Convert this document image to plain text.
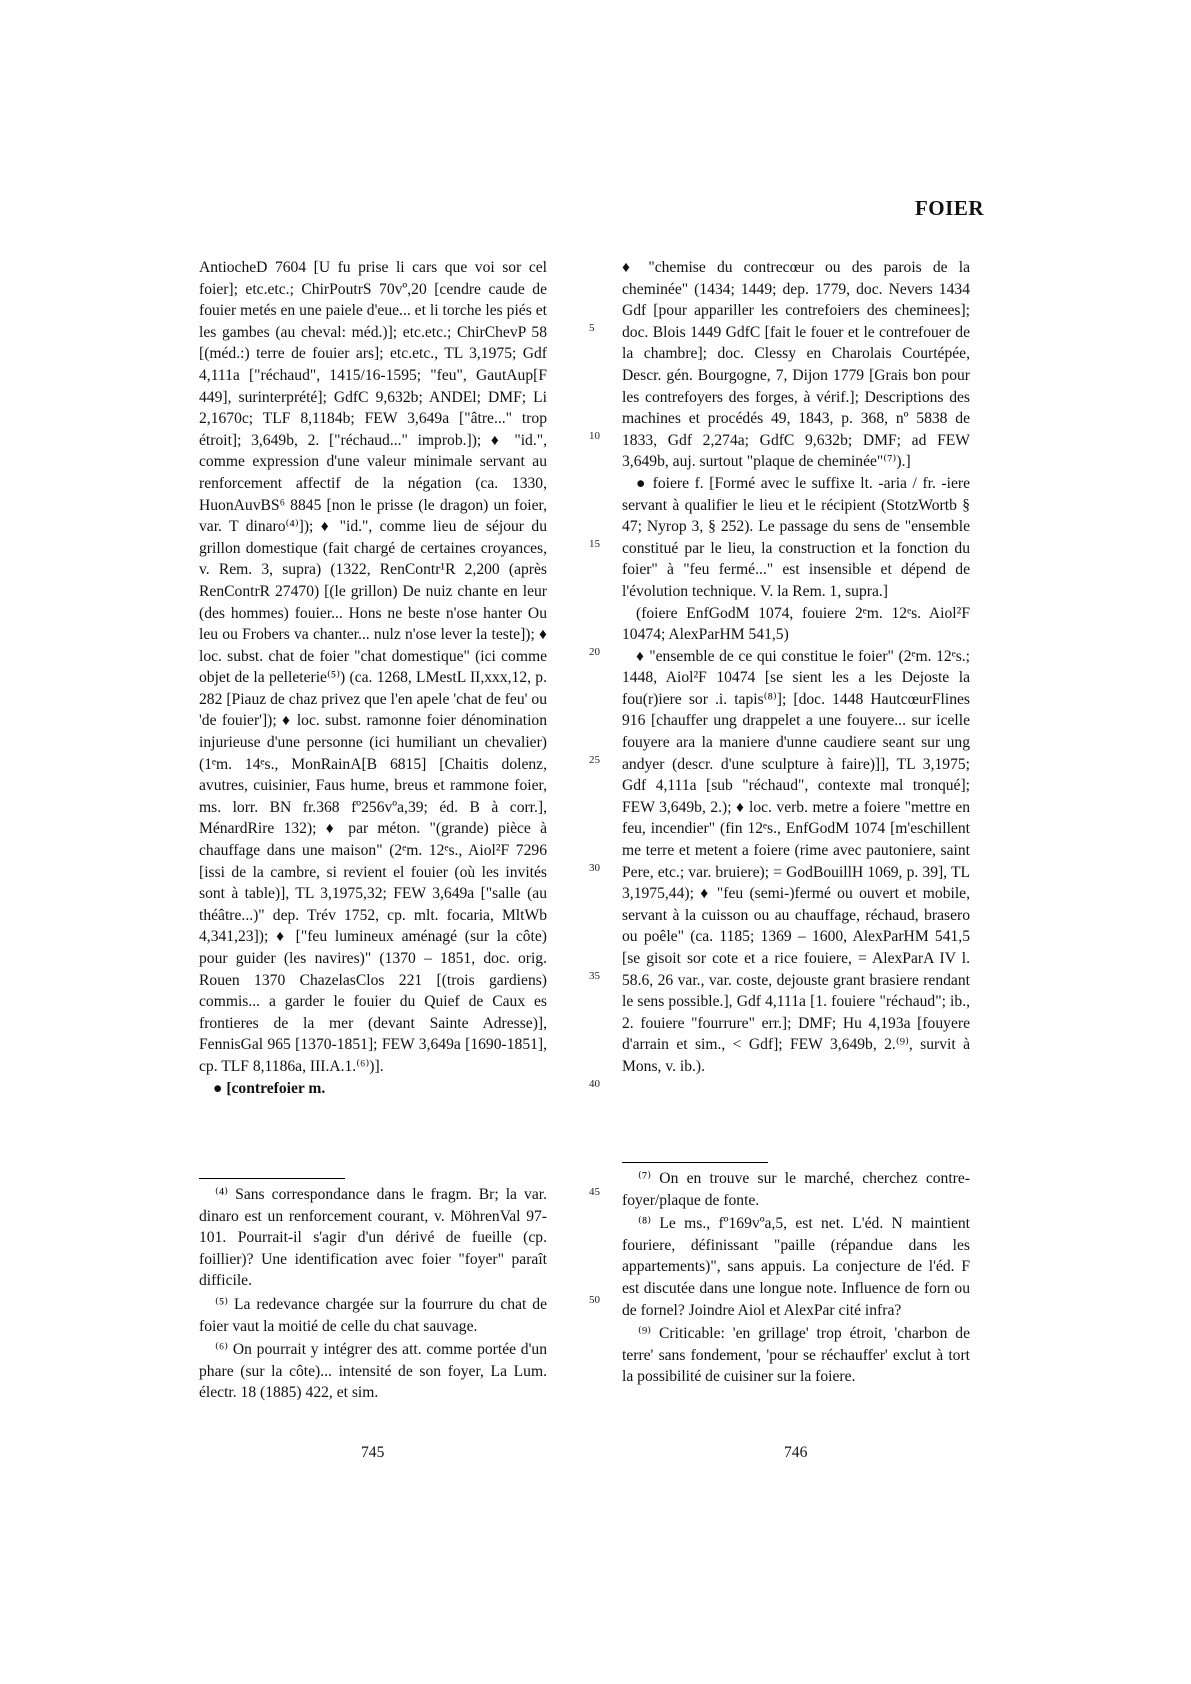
FOIER

AntiocheD 7604 [U fu prise li cars que voi sor cel foier]; etc.etc.; ChirPoutrS 70vº,20 [cendre caude de fouier metés en une paiele d'eue... et li torche les piés et les gambes (au cheval: méd.)]; etc.etc.; ChirChevP 58 [(méd.:) terre de fouier ars]; etc.etc., TL 3,1975; Gdf 4,111a ["réchaud", 1415/16-1595; "feu", GautAup[F 449], surinterprété]; GdfC 9,632b; ANDEl; DMF; Li 2,1670c; TLF 8,1184b; FEW 3,649a ["âtre..." trop étroit]; 3,649b, 2. ["réchaud..." improb.]); ♦ "id.", comme expression d'une valeur minimale servant au renforcement affectif de la négation (ca. 1330, HuonAuvBS⁶ 8845 [non le prisse (le dragon) un foier, var. T dinaro⁽⁴⁾]); ♦ "id.", comme lieu de séjour du grillon domestique (fait chargé de certaines croyances, v. Rem. 3, supra) (1322, RenContr¹R 2,200 (après RenContrR 27470) [(le grillon) De nuiz chante en leur (des hommes) fouier... Hons ne beste n'ose hanter Ou leu ou Frobers va chanter... nulz n'ose lever la teste]); ♦ loc. subst. chat de foier "chat domestique" (ici comme objet de la pelleterie⁽⁵⁾) (ca. 1268, LMestL II,xxx,12, p. 282 [Piauz de chaz privez que l'en apele 'chat de feu' ou 'de fouier']); ♦ loc. subst. ramonne foier dénomination injurieuse d'une personne (ici humiliant un chevalier) (1ᵉm. 14ᵉs., MonRainA[B 6815] [Chaitis dolenz, avutres, cuisinier, Faus hume, breus et rammone foier, ms. lorr. BN fr.368 fº256vºa,39; éd. B à corr.], MénardRire 132); ♦ par méton. "(grande) pièce à chauffage dans une maison" (2ᵉm. 12ᵉs., Aiol²F 7296 [issi de la cambre, si revient el fouier (où les invités sont à table)], TL 3,1975,32; FEW 3,649a ["salle (au théâtre...)" dep. Trév 1752, cp. mlt. focaria, MltWb 4,341,23]); ♦ ["feu lumineux aménagé (sur la côte) pour guider (les navires)" (1370 – 1851, doc. orig. Rouen 1370 ChazelasClos 221 [(trois gardiens) commis... a garder le fouier du Quief de Caux es frontieres de la mer (devant Sainte Adresse)], FennisGal 965 [1370-1851]; FEW 3,649a [1690-1851], cp. TLF 8,1186a, III.A.1.⁽⁶⁾)].

● [contrefoier m.

♦ "chemise du contrecœur ou des parois de la cheminée" (1434; 1449; dep. 1779, doc. Nevers 1434 Gdf [pour appariller les contrefoiers des cheminees]; doc. Blois 1449 GdfC [fait le fouer et le contrefouer de la chambre]; doc. Clessy en Charolais Courtépée, Descr. gén. Bourgogne, 7, Dijon 1779 [Grais bon pour les contrefoyers des forges, à vérif.]; Descriptions des machines et procédés 49, 1843, p. 368, nº 5838 de 1833, Gdf 2,274a; GdfC 9,632b; DMF; ad FEW 3,649b, auj. surtout "plaque de cheminée"⁽⁷⁾).]

● foiere f. [Formé avec le suffixe lt. -aria / fr. -iere servant à qualifier le lieu et le récipient (StotzWortb § 47; Nyrop 3, § 252). Le passage du sens de "ensemble constitué par le lieu, la construction et la fonction du foier" à "feu fermé..." est insensible et dépend de l'évolution technique. V. la Rem. 1, supra.]

(foiere EnfGodM 1074, fouiere 2ᵉm. 12ᵉs. Aiol²F 10474; AlexParHM 541,5)

♦ "ensemble de ce qui constitue le foier" (2ᵉm. 12ᵉs.; 1448, Aiol²F 10474 [se sient les a les Dejoste la fou(r)iere sor .i. tapis⁽⁸⁾]; [doc. 1448 HautcœurFlines 916 [chauffer ung drappelet a une fouyere... sur icelle fouyere ara la maniere d'unne caudiere seant sur ung andyer (descr. d'une sculpture à faire)]], TL 3,1975; Gdf 4,111a [sub "réchaud", contexte mal tronqué]; FEW 3,649b, 2.); ♦ loc. verb. metre a foiere "mettre en feu, incendier" (fin 12ᵉs., EnfGodM 1074 [m'eschillent me terre et metent a foiere (rime avec pautoniere, saint Pere, etc.; var. bruiere); = GodBouillH 1069, p. 39], TL 3,1975,44); ♦ "feu (semi-)fermé ou ouvert et mobile, servant à la cuisson ou au chauffage, réchaud, brasero ou poêle" (ca. 1185; 1369 – 1600, AlexParHM 541,5 [se gisoit sor cote et a rice fouiere, = AlexParA IV l. 58.6, 26 var., var. coste, dejouste grant brasiere rendant le sens possible.], Gdf 4,111a [1. fouiere "réchaud"; ib., 2. fouiere "fourrure" err.]; DMF; Hu 4,193a [fouyere d'arrain et sim., < Gdf]; FEW 3,649b, 2.⁽⁹⁾, survit à Mons, v. ib.).

5
10
15
20
25
30
35
40
45
50

⁽⁴⁾ Sans correspondance dans le fragm. Br; la var. dinaro est un renforcement courant, v. MöhrenVal 97-101. Pourrait-il s'agir d'un dérivé de fueille (cp. foillier)? Une identification avec foier "foyer" paraît difficile.

⁽⁵⁾ La redevance chargée sur la fourrure du chat de foier vaut la moitié de celle du chat sauvage.

⁽⁶⁾ On pourrait y intégrer des att. comme portée d'un phare (sur la côte)... intensité de son foyer, La Lum. électr. 18 (1885) 422, et sim.

⁽⁷⁾ On en trouve sur le marché, cherchez contre-foyer/plaque de fonte.

⁽⁸⁾ Le ms., fº169vºa,5, est net. L'éd. N maintient fouriere, définissant "paille (répandue dans les appartements)", sans appuis. La conjecture de l'éd. F est discutée dans une longue note. Influence de forn ou de fornel? Joindre Aiol et AlexPar cité infra?

⁽⁹⁾ Criticable: 'en grillage' trop étroit, 'charbon de terre' sans fondement, 'pour se réchauffer' exclut à tort la possibilité de cuisiner sur la foiere.

745	746
